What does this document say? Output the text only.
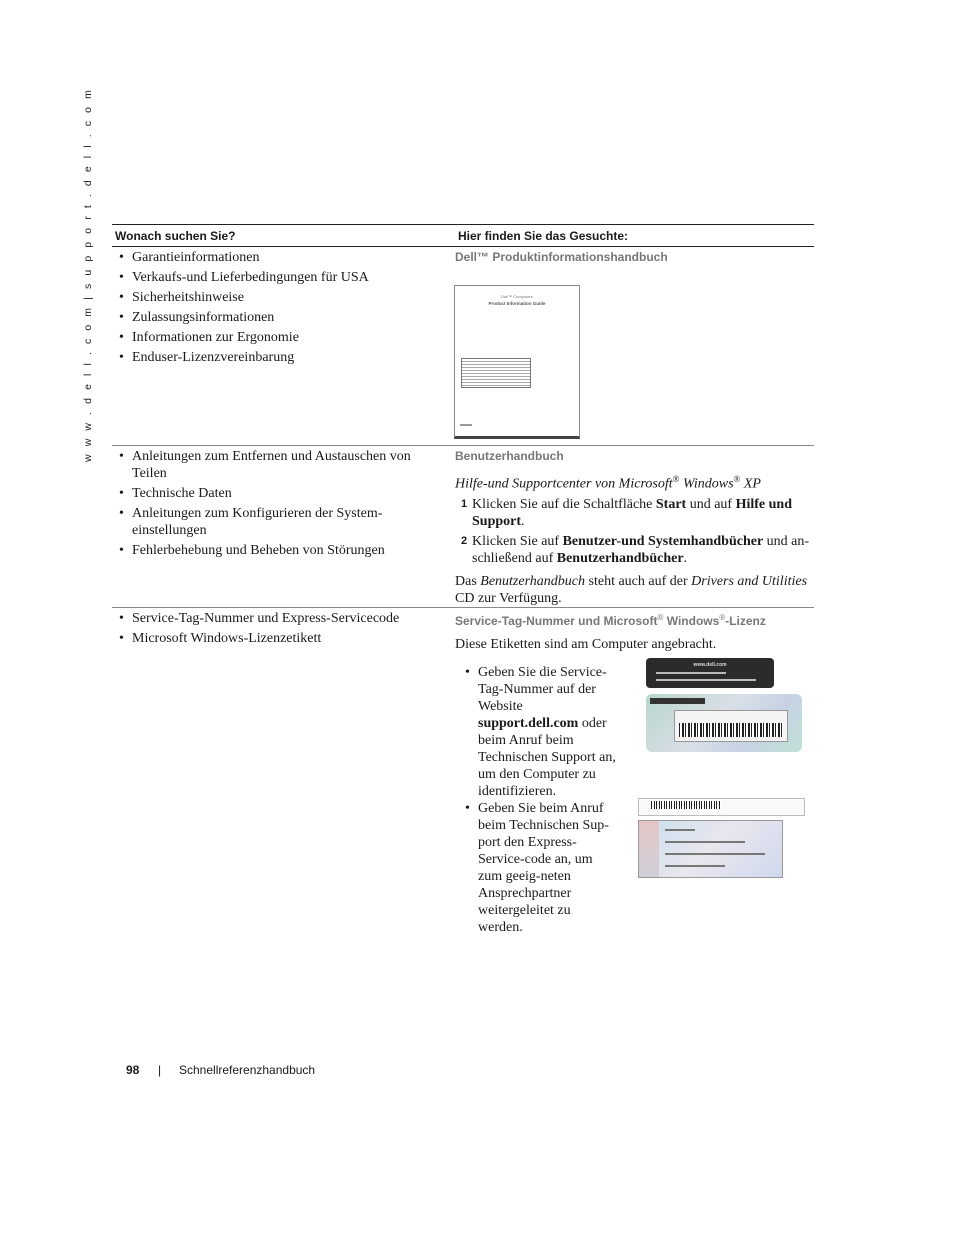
w w w . d e l l . c o m | s u p p o r t . d e l l . c o m Wonach suchen Sie?	Hier finden Sie das Gesuchte:
• Garantieinformationen
• Verkaufs-und Lieferbedingungen für USA
• Sicherheitshinweise
• Zulassungsinformationen
• Informationen zur Ergonomie
• Enduser-Lizenzvereinbarung
Dell™ Produktinformationshandbuch
Dell™ Computers
Product Information Guide
• Anleitungen zum Entfernen und Austauschen von Teilen
• Technische Daten
• Anleitungen zum Konfigurieren der System-einstellungen
• Fehlerbehebung und Beheben von Störungen
Benutzerhandbuch
Hilfe-und Supportcenter von Microsoft® Windows® XP
1 Klicken Sie auf die Schaltfläche Start und auf Hilfe und Support.
2 Klicken Sie auf Benutzer-und Systemhandbücher und an-schließend auf Benutzerhandbücher.
Das Benutzerhandbuch steht auch auf der Drivers and Utilities CD zur Verfügung.
• Service-Tag-Nummer und Express-Servicecode
• Microsoft Windows-Lizenzetikett
Service-Tag-Nummer und Microsoft® Windows®-Lizenz
Diese Etiketten sind am Computer angebracht.
• Geben Sie die Service-Tag-Nummer auf der Website support.dell.com oder beim Anruf beim Technischen Support an, um den Computer zu identifizieren.
• Geben Sie beim Anruf beim Technischen Sup-port den Express-Service-code an, um zum geeig-neten Ansprechpartner weitergeleitet zu werden.
www.dell.com
98 | Schnellreferenzhandbuch
